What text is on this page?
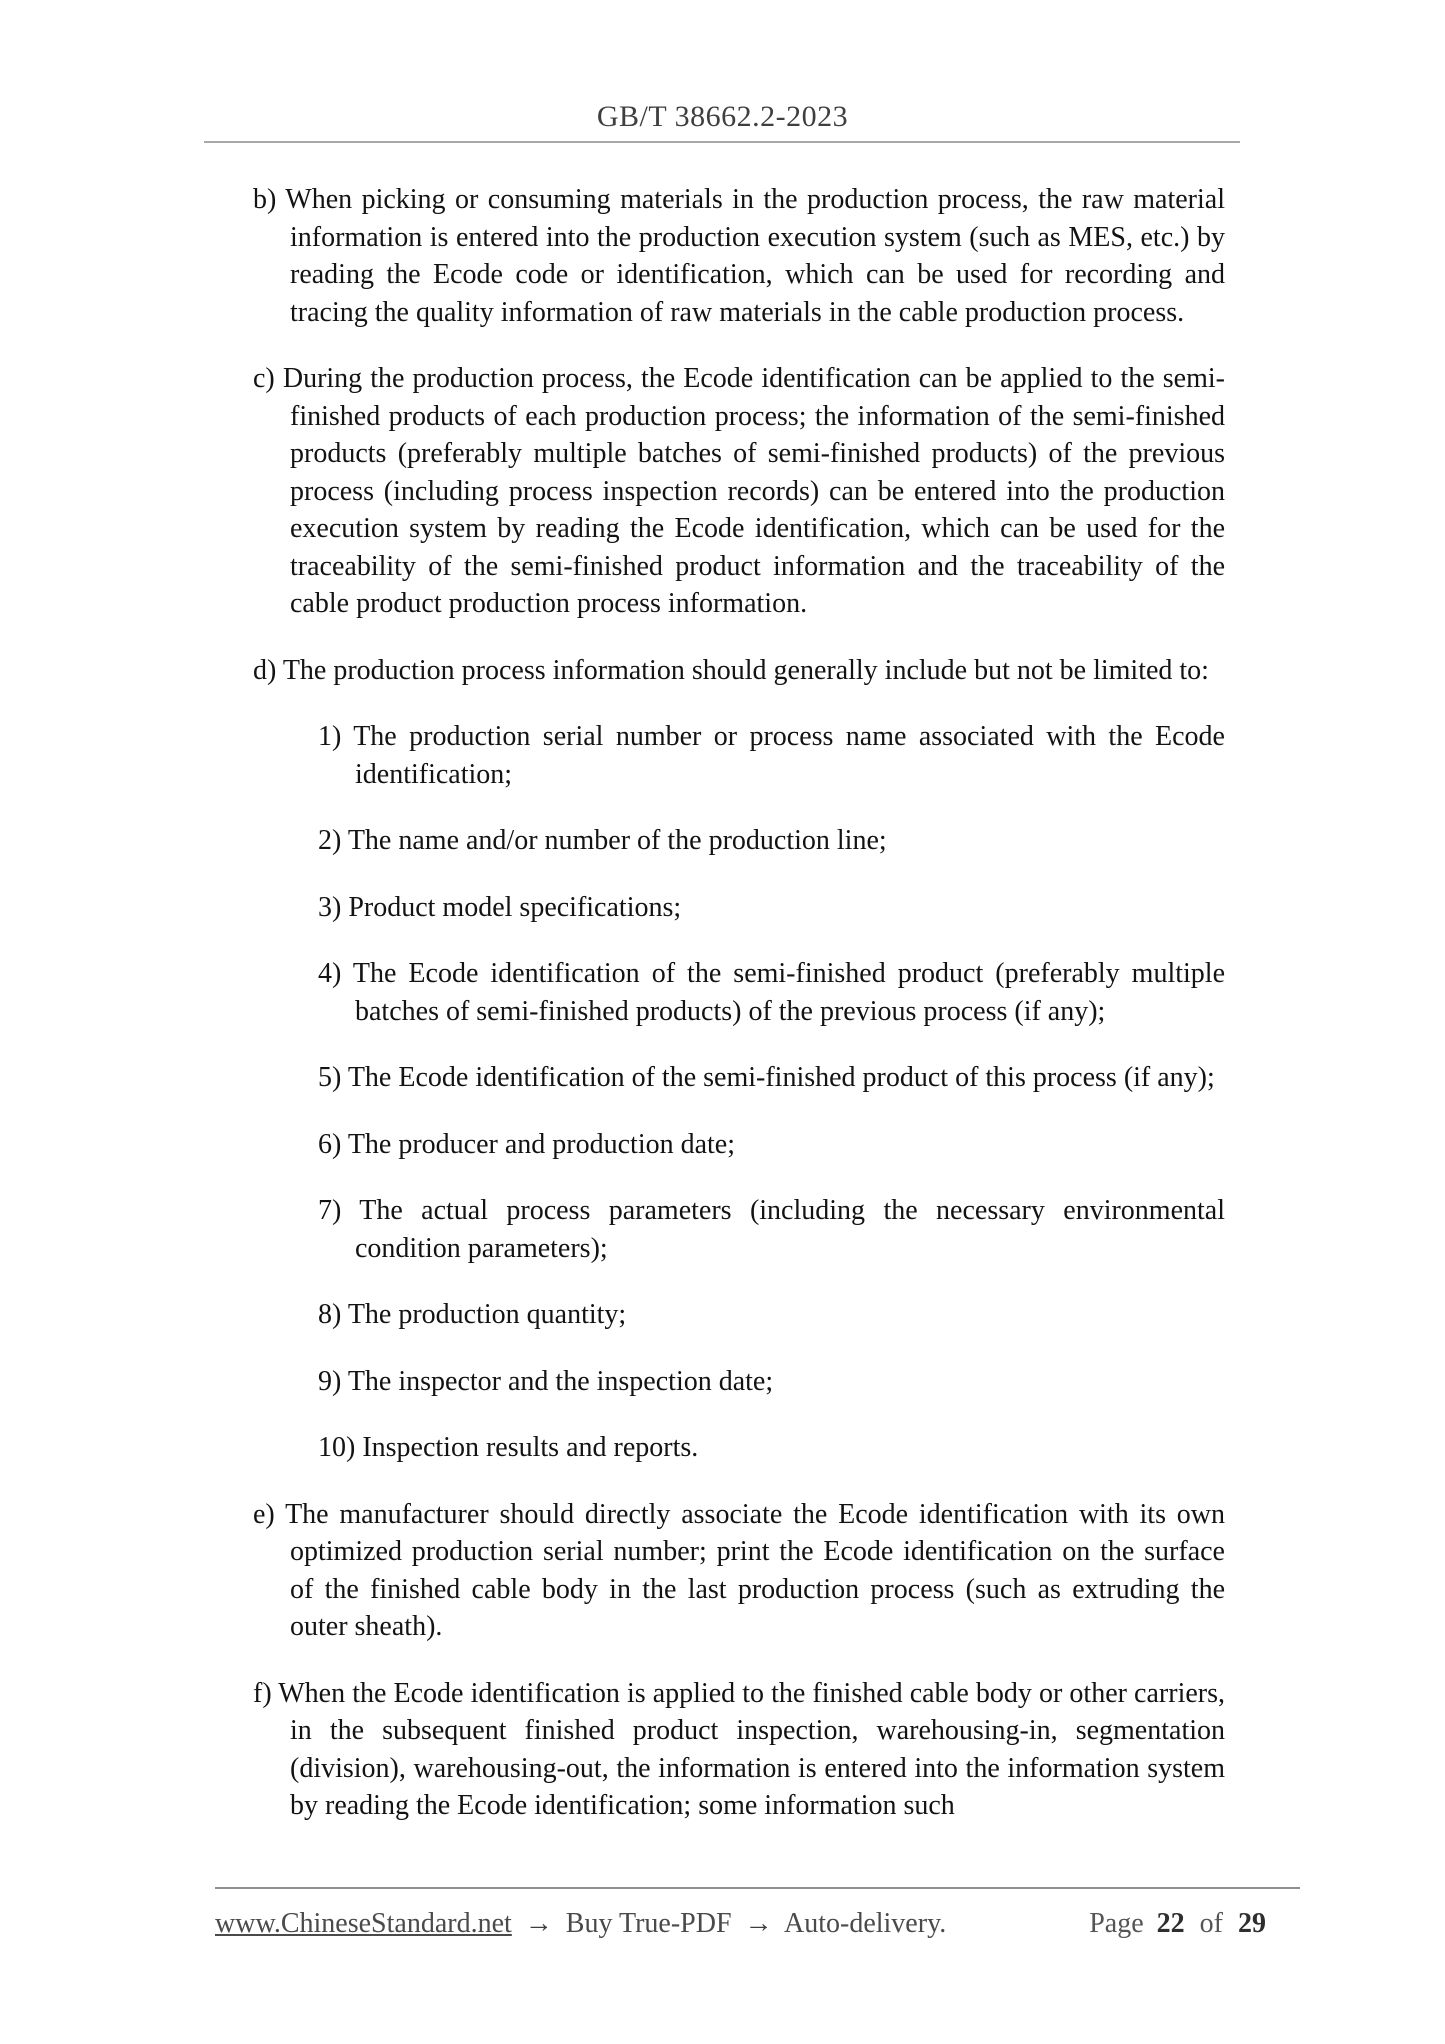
GB/T 38662.2-2023
b) When picking or consuming materials in the production process, the raw material information is entered into the production execution system (such as MES, etc.) by reading the Ecode code or identification, which can be used for recording and tracing the quality information of raw materials in the cable production process.
c) During the production process, the Ecode identification can be applied to the semi-finished products of each production process; the information of the semi-finished products (preferably multiple batches of semi-finished products) of the previous process (including process inspection records) can be entered into the production execution system by reading the Ecode identification, which can be used for the traceability of the semi-finished product information and the traceability of the cable product production process information.
d) The production process information should generally include but not be limited to:
1) The production serial number or process name associated with the Ecode identification;
2) The name and/or number of the production line;
3) Product model specifications;
4) The Ecode identification of the semi-finished product (preferably multiple batches of semi-finished products) of the previous process (if any);
5) The Ecode identification of the semi-finished product of this process (if any);
6) The producer and production date;
7) The actual process parameters (including the necessary environmental condition parameters);
8) The production quantity;
9) The inspector and the inspection date;
10) Inspection results and reports.
e) The manufacturer should directly associate the Ecode identification with its own optimized production serial number; print the Ecode identification on the surface of the finished cable body in the last production process (such as extruding the outer sheath).
f) When the Ecode identification is applied to the finished cable body or other carriers, in the subsequent finished product inspection, warehousing-in, segmentation (division), warehousing-out, the information is entered into the information system by reading the Ecode identification; some information such
www.ChineseStandard.net → Buy True-PDF → Auto-delivery.	Page 22 of 29
